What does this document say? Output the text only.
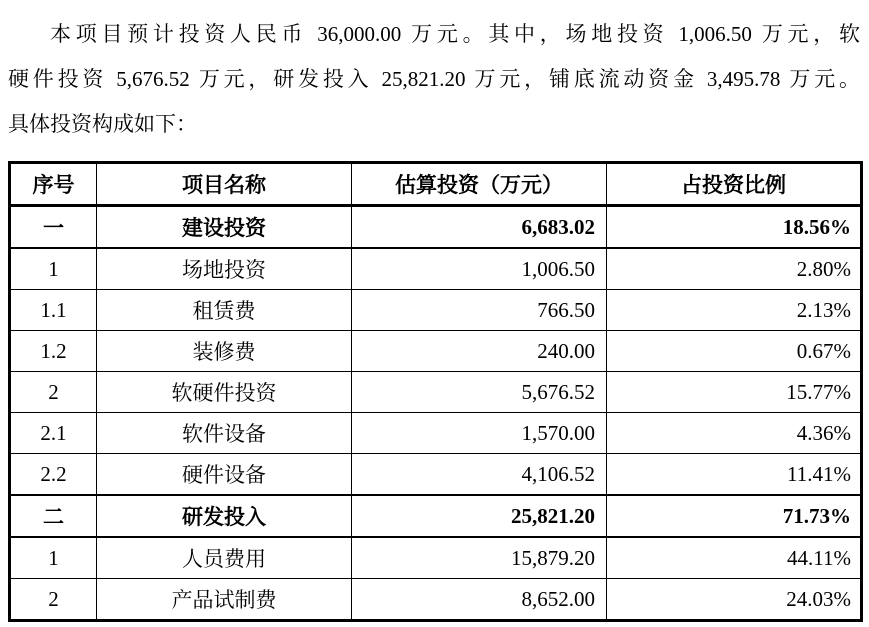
本项目预计投资人民币 36,000.00 万元。其中，场地投资 1,006.50 万元，软
硬件投资 5,676.52 万元，研发投入 25,821.20 万元，铺底流动资金 3,495.78 万元。
具体投资构成如下：
序号	项目名称	估算投资（万元）	占投资比例
一	建设投资	6,683.02	18.56%
1	场地投资	1,006.50	2.80%
1.1	租赁费	766.50	2.13%
1.2	装修费	240.00	0.67%
2	软硬件投资	5,676.52	15.77%
2.1	软件设备	1,570.00	4.36%
2.2	硬件设备	4,106.52	11.41%
二	研发投入	25,821.20	71.73%
1	人员费用	15,879.20	44.11%
2	产品试制费	8,652.00	24.03%
